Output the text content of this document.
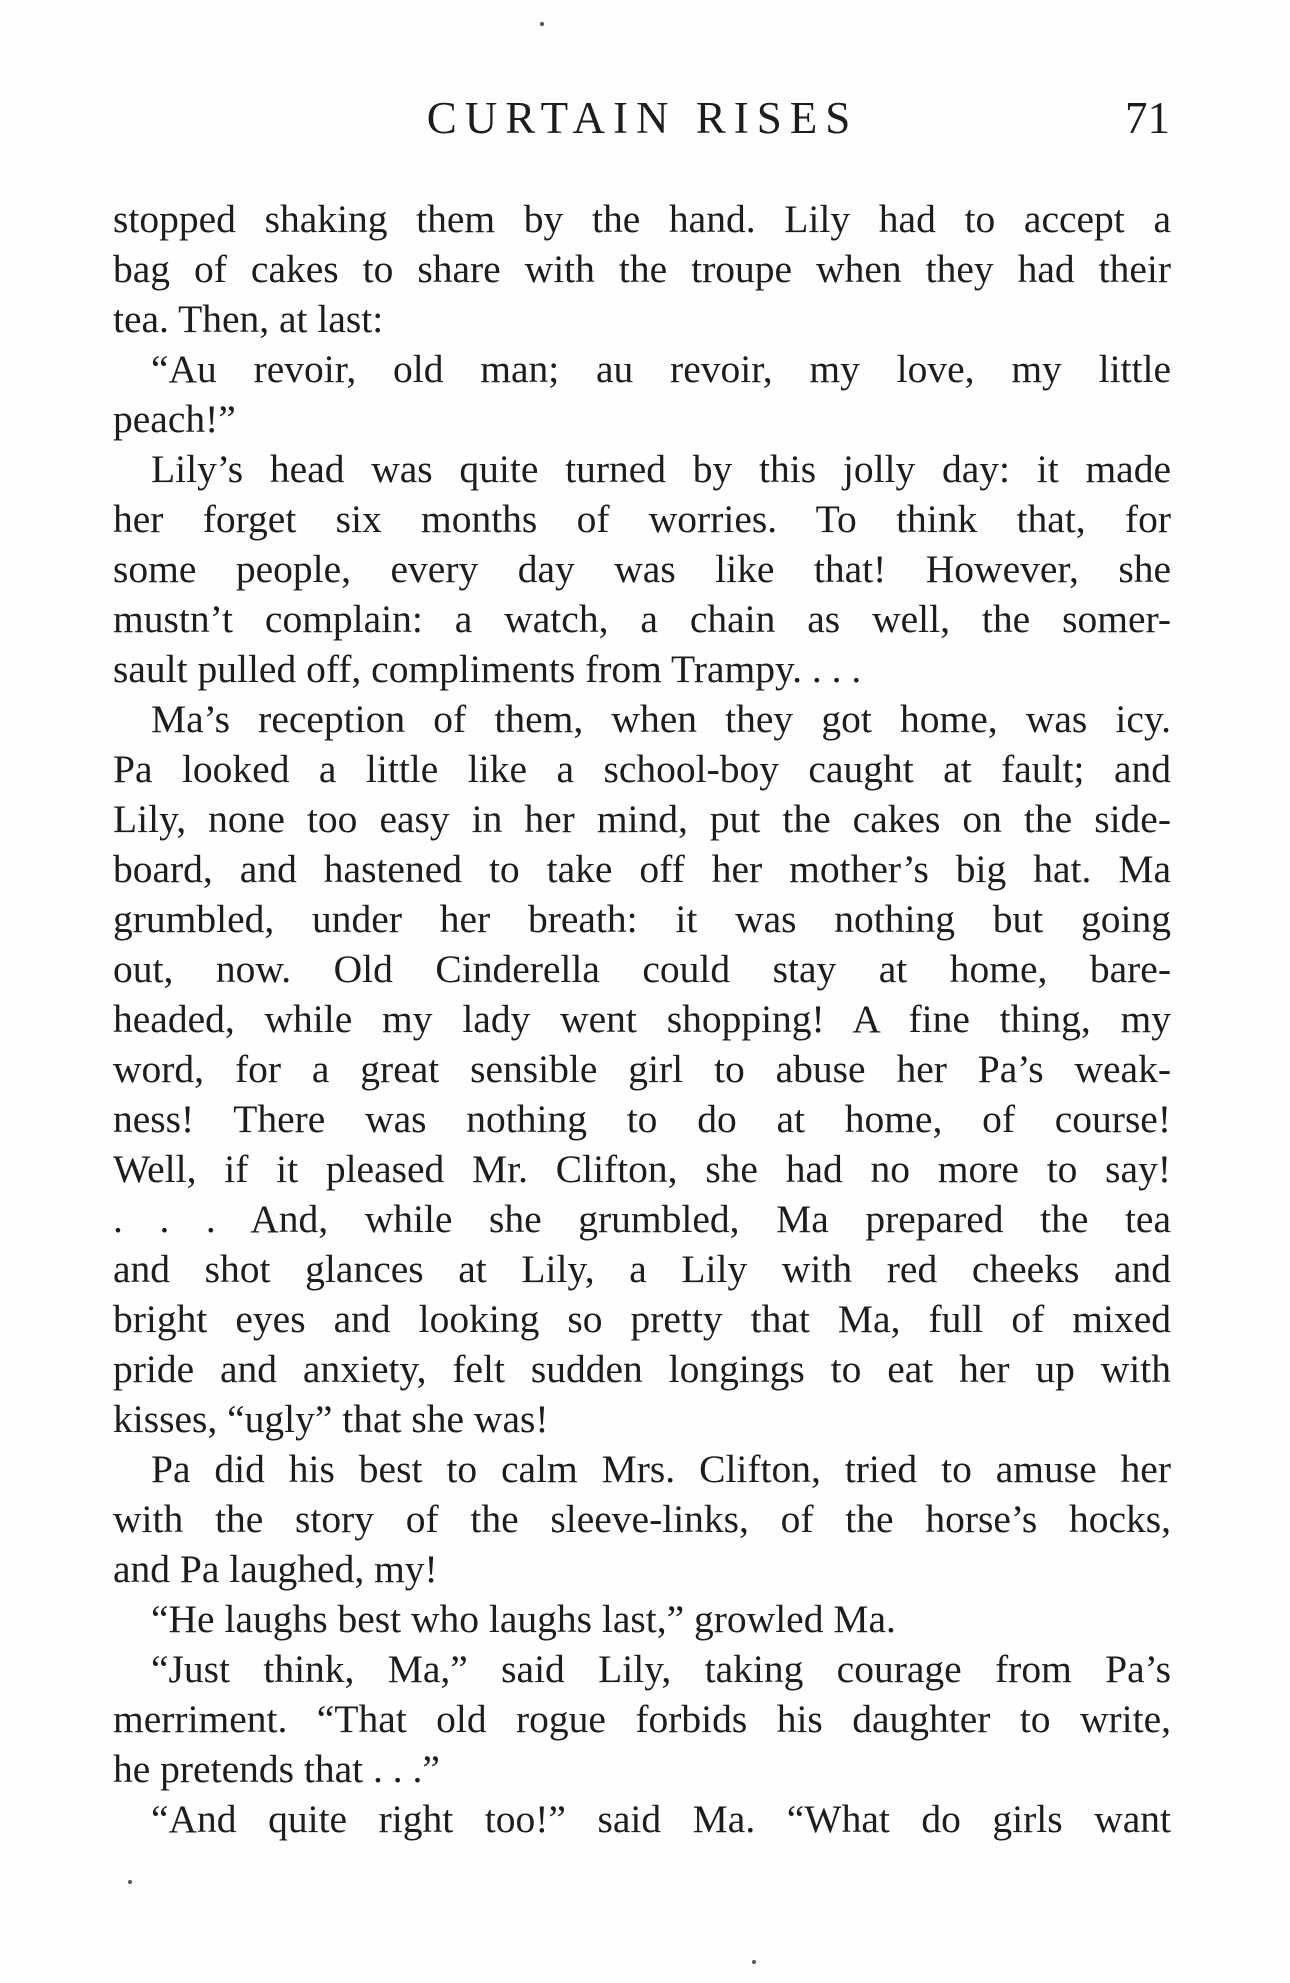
CURTAIN RISES	71
stopped shaking them by the hand. Lily had to accept a
bag of cakes to share with the troupe when they had their
tea. Then, at last:
“Au revoir, old man; au revoir, my love, my little
peach!”
Lily’s head was quite turned by this jolly day: it made
her forget six months of worries. To think that, for
some people, every day was like that! However, she
mustn’t complain: a watch, a chain as well, the somer-
sault pulled off, compliments from Trampy. . . .
Ma’s reception of them, when they got home, was icy.
Pa looked a little like a school-boy caught at fault; and
Lily, none too easy in her mind, put the cakes on the side-
board, and hastened to take off her mother’s big hat. Ma
grumbled, under her breath: it was nothing but going
out, now. Old Cinderella could stay at home, bare-
headed, while my lady went shopping! A fine thing, my
word, for a great sensible girl to abuse her Pa’s weak-
ness! There was nothing to do at home, of course!
Well, if it pleased Mr. Clifton, she had no more to say!
. . . And, while she grumbled, Ma prepared the tea
and shot glances at Lily, a Lily with red cheeks and
bright eyes and looking so pretty that Ma, full of mixed
pride and anxiety, felt sudden longings to eat her up with
kisses, “ugly” that she was!
Pa did his best to calm Mrs. Clifton, tried to amuse her
with the story of the sleeve-links, of the horse’s hocks,
and Pa laughed, my!
“He laughs best who laughs last,” growled Ma.
“Just think, Ma,” said Lily, taking courage from Pa’s
merriment. “That old rogue forbids his daughter to write,
he pretends that . . .”
“And quite right too!” said Ma. “What do girls want
